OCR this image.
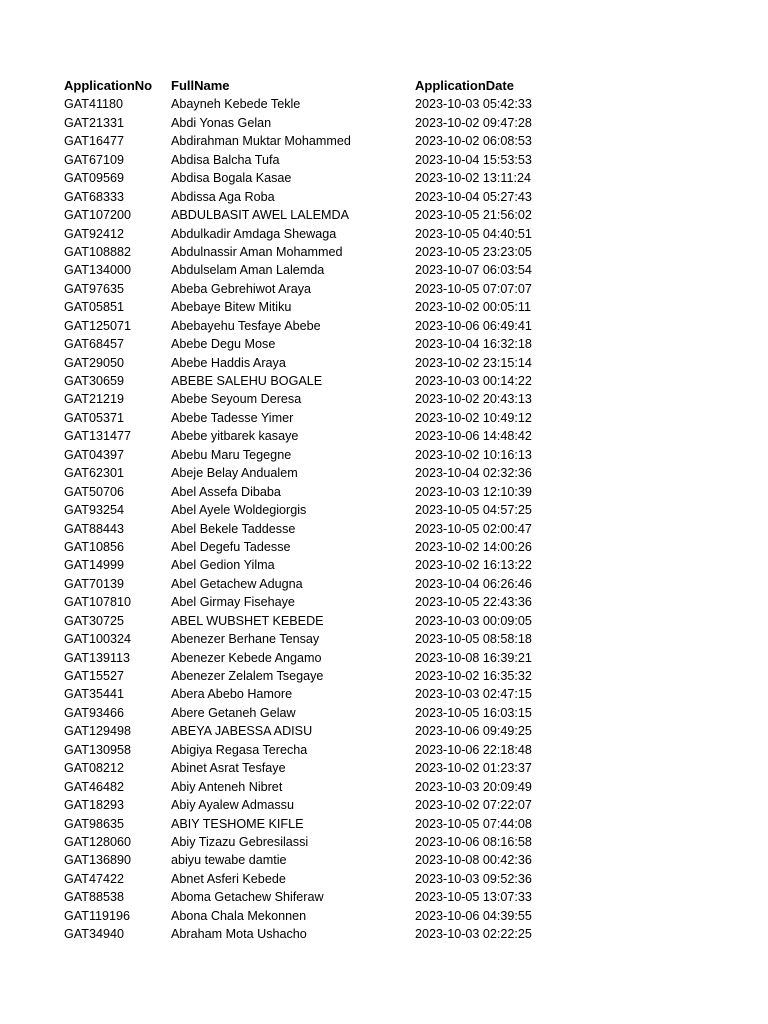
ApplicationNo	FullName	ApplicationDate
GAT41180	Abayneh Kebede Tekle	2023-10-03 05:42:33
GAT21331	Abdi Yonas Gelan	2023-10-02 09:47:28
GAT16477	Abdirahman Muktar Mohammed	2023-10-02 06:08:53
GAT67109	Abdisa Balcha Tufa	2023-10-04 15:53:53
GAT09569	Abdisa Bogala Kasae	2023-10-02 13:11:24
GAT68333	Abdissa Aga Roba	2023-10-04 05:27:43
GAT107200	ABDULBASIT AWEL LALEMDA	2023-10-05 21:56:02
GAT92412	Abdulkadir Amdaga Shewaga	2023-10-05 04:40:51
GAT108882	Abdulnassir Aman Mohammed	2023-10-05 23:23:05
GAT134000	Abdulselam Aman Lalemda	2023-10-07 06:03:54
GAT97635	Abeba Gebrehiwot Araya	2023-10-05 07:07:07
GAT05851	Abebaye Bitew Mitiku	2023-10-02 00:05:11
GAT125071	Abebayehu Tesfaye Abebe	2023-10-06 06:49:41
GAT68457	Abebe Degu Mose	2023-10-04 16:32:18
GAT29050	Abebe Haddis Araya	2023-10-02 23:15:14
GAT30659	ABEBE SALEHU BOGALE	2023-10-03 00:14:22
GAT21219	Abebe Seyoum Deresa	2023-10-02 20:43:13
GAT05371	Abebe Tadesse Yimer	2023-10-02 10:49:12
GAT131477	Abebe yitbarek kasaye	2023-10-06 14:48:42
GAT04397	Abebu Maru Tegegne	2023-10-02 10:16:13
GAT62301	Abeje Belay Andualem	2023-10-04 02:32:36
GAT50706	Abel Assefa Dibaba	2023-10-03 12:10:39
GAT93254	Abel Ayele Woldegiorgis	2023-10-05 04:57:25
GAT88443	Abel Bekele Taddesse	2023-10-05 02:00:47
GAT10856	Abel Degefu Tadesse	2023-10-02 14:00:26
GAT14999	Abel Gedion Yilma	2023-10-02 16:13:22
GAT70139	Abel Getachew Adugna	2023-10-04 06:26:46
GAT107810	Abel Girmay Fisehaye	2023-10-05 22:43:36
GAT30725	ABEL WUBSHET KEBEDE	2023-10-03 00:09:05
GAT100324	Abenezer Berhane Tensay	2023-10-05 08:58:18
GAT139113	Abenezer Kebede Angamo	2023-10-08 16:39:21
GAT15527	Abenezer Zelalem Tsegaye	2023-10-02 16:35:32
GAT35441	Abera Abebo Hamore	2023-10-03 02:47:15
GAT93466	Abere Getaneh Gelaw	2023-10-05 16:03:15
GAT129498	ABEYA JABESSA ADISU	2023-10-06 09:49:25
GAT130958	Abigiya Regasa Terecha	2023-10-06 22:18:48
GAT08212	Abinet Asrat Tesfaye	2023-10-02 01:23:37
GAT46482	Abiy Anteneh Nibret	2023-10-03 20:09:49
GAT18293	Abiy Ayalew Admassu	2023-10-02 07:22:07
GAT98635	ABIY TESHOME KIFLE	2023-10-05 07:44:08
GAT128060	Abiy Tizazu Gebresilassi	2023-10-06 08:16:58
GAT136890	abiyu tewabe damtie	2023-10-08 00:42:36
GAT47422	Abnet Asferi Kebede	2023-10-03 09:52:36
GAT88538	Aboma Getachew Shiferaw	2023-10-05 13:07:33
GAT119196	Abona Chala Mekonnen	2023-10-06 04:39:55
GAT34940	Abraham Mota Ushacho	2023-10-03 02:22:25
